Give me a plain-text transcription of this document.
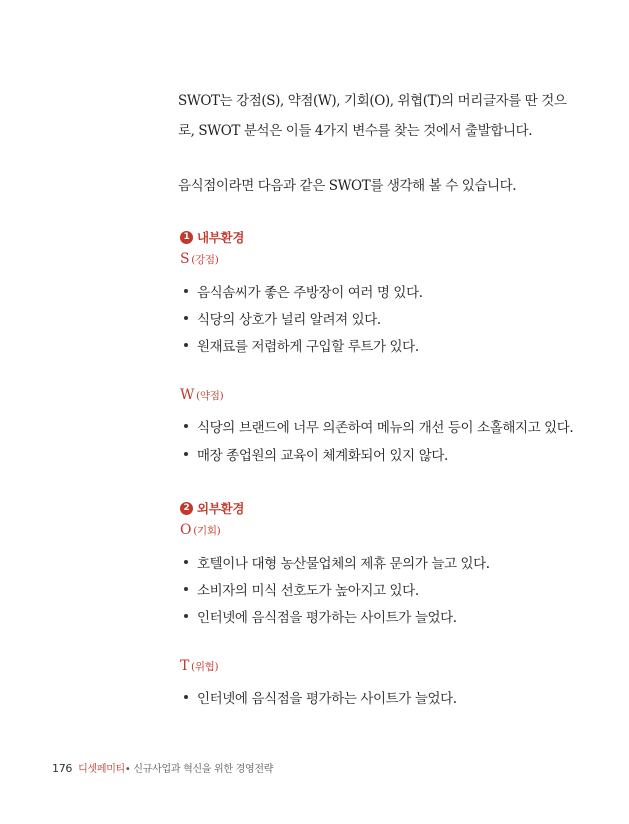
SWOT는 강점(S), 약점(W), 기회(O), 위협(T)의 머리글자를 딴 것으
로, SWOT 분석은 이들 4가지 변수를 찾는 것에서 출발합니다.
음식점이라면 다음과 같은 SWOT를 생각해 볼 수 있습니다.
1 내부환경
S (강점)
음식솜씨가 좋은 주방장이 여러 명 있다.
식당의 상호가 널리 알려져 있다.
원재료를 저렴하게 구입할 루트가 있다.
W (약점)
식당의 브랜드에 너무 의존하여 메뉴의 개선 등이 소홀해지고 있다.
매장 종업원의 교육이 체계화되어 있지 않다.
2 외부환경
O (기회)
호텔이나 대형 농산물업체의 제휴 문의가 늘고 있다.
소비자의 미식 선호도가 높아지고 있다.
인터넷에 음식점을 평가하는 사이트가 늘었다.
T (위협)
인터넷에 음식점을 평가하는 사이트가 늘었다.
176 디셋페미티• 신규사업과 혁신을 위한 경영전략
